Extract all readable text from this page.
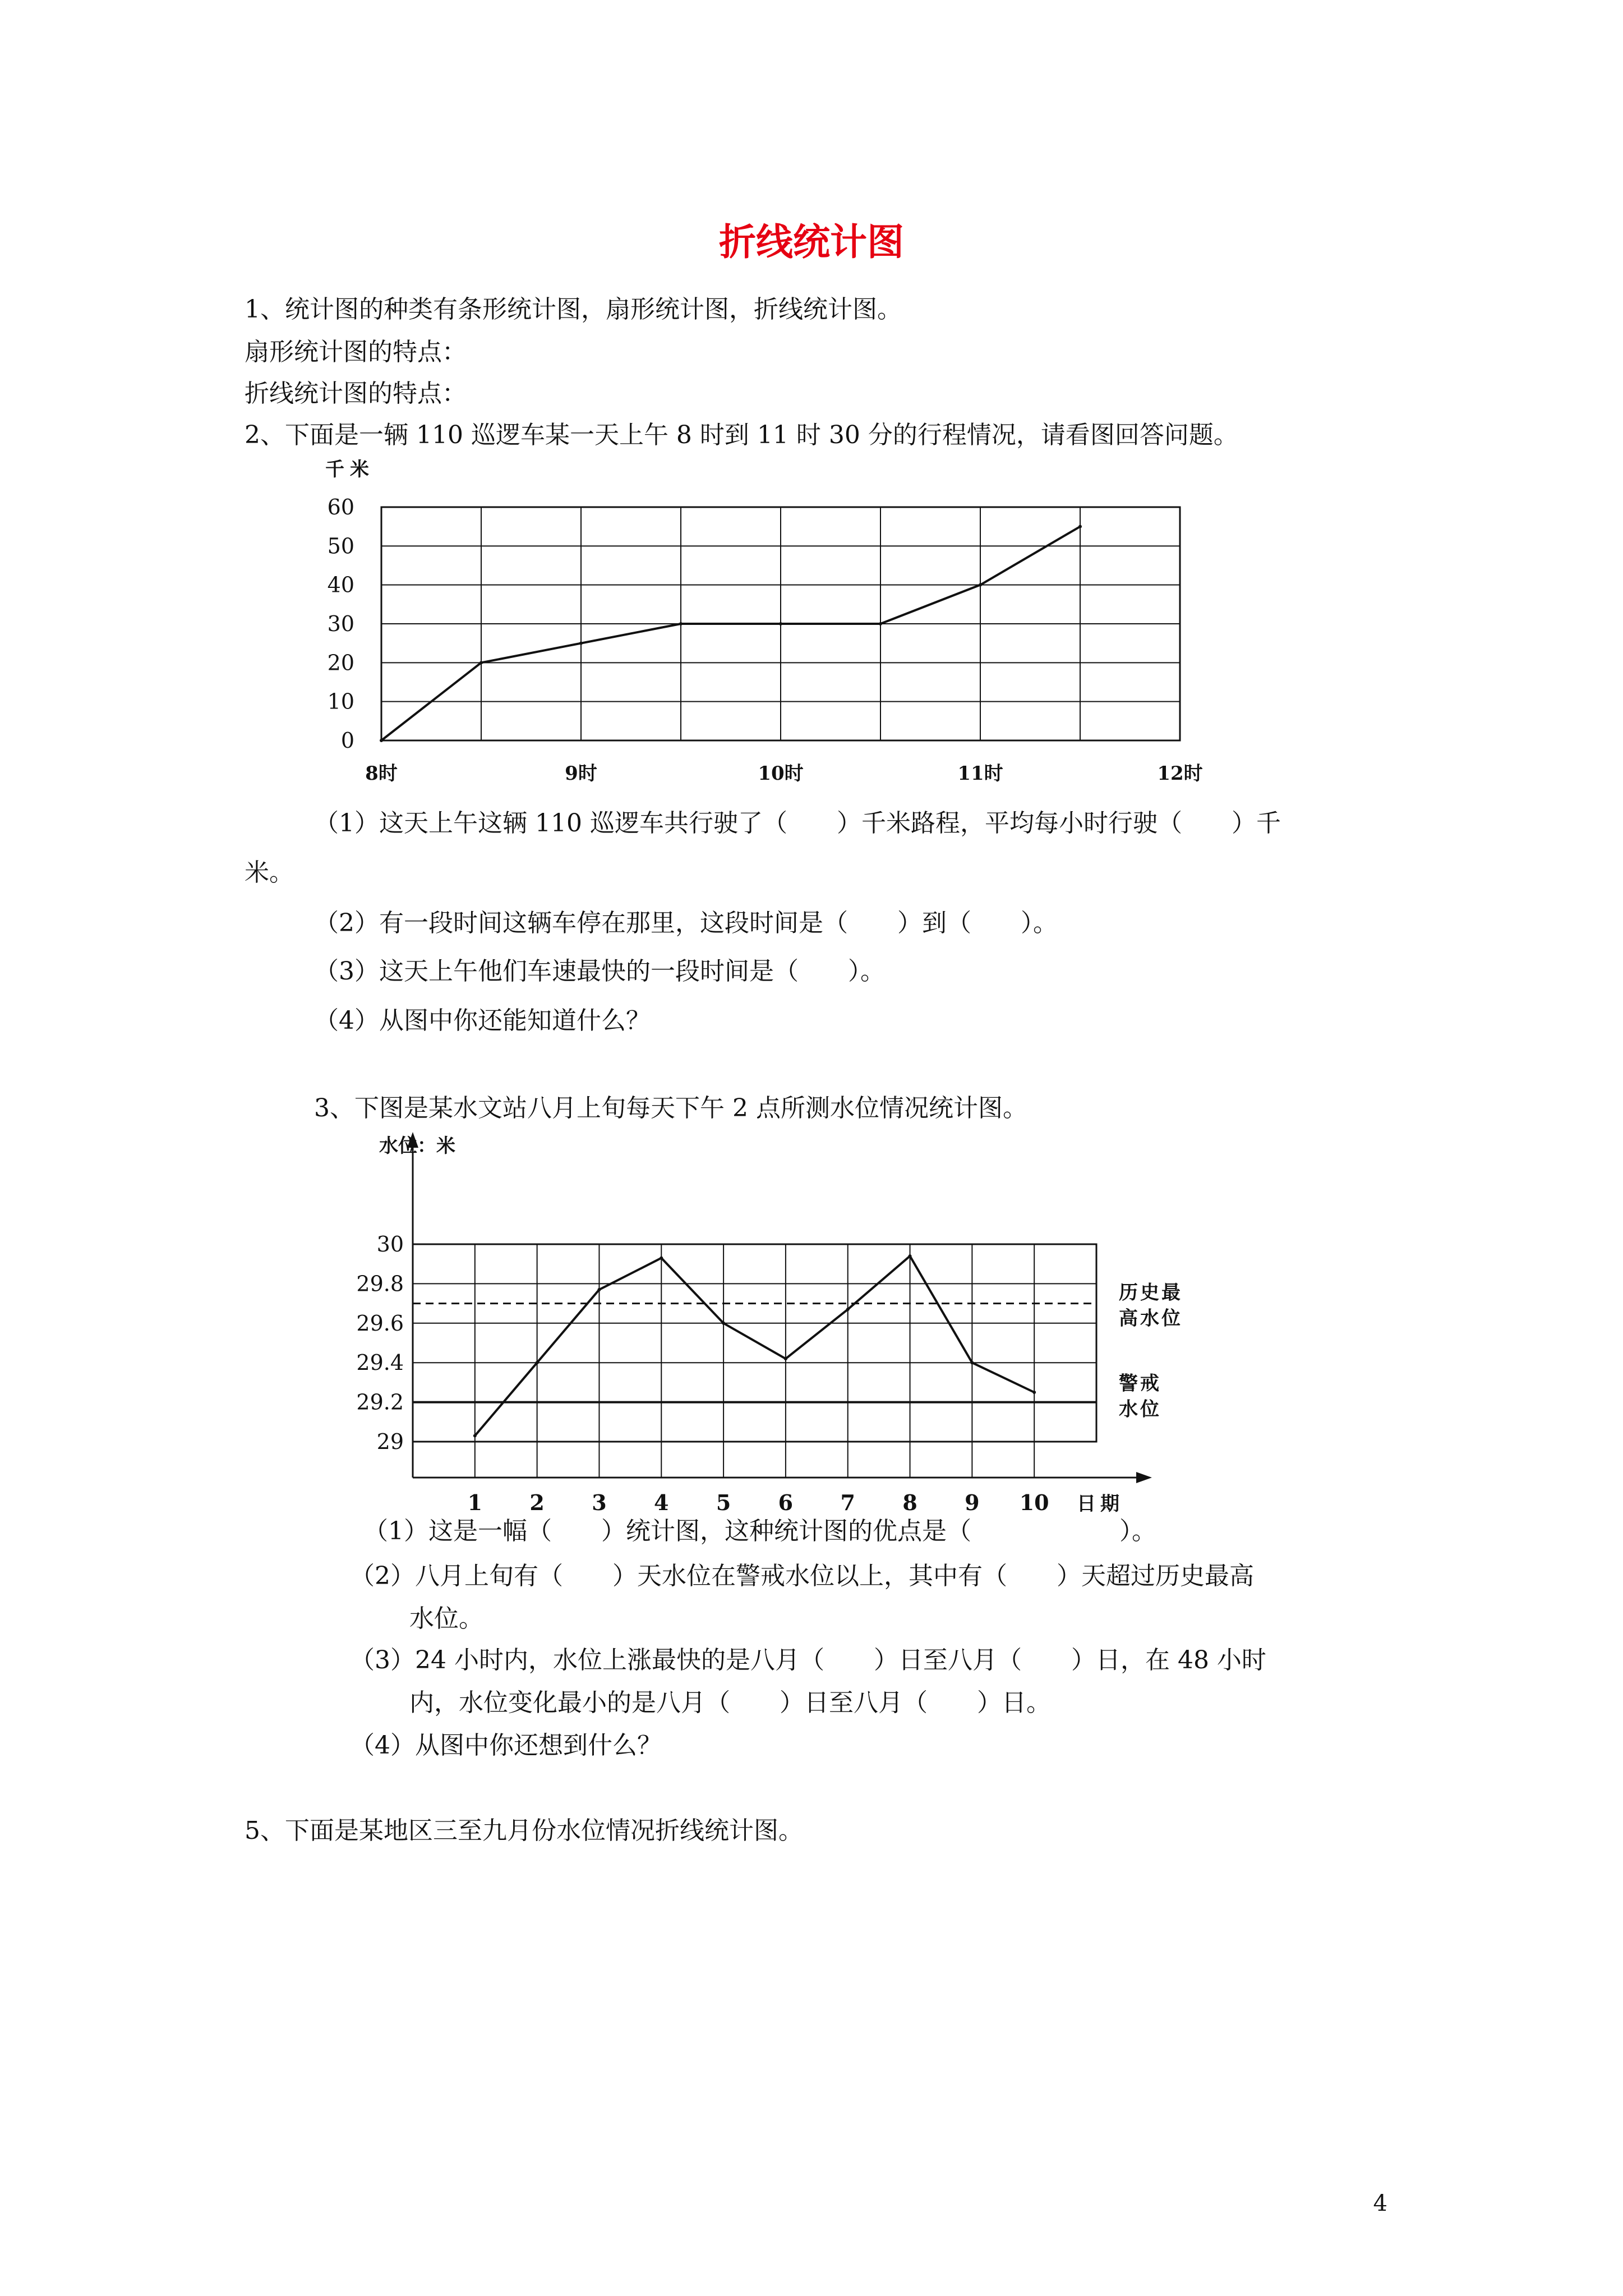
折线统计图
1、统计图的种类有条形统计图，扇形统计图，折线统计图。
扇形统计图的特点：
折线统计图的特点：
2、下面是一辆 110 巡逻车某一天上午 8 时到 11 时 30 分的行程情况，请看图回答问题。
0
10
20
30
40
50
60
8时	9时	10时	11时	12时
千米
（1）这天上午这辆 110 巡逻车共行驶了（　　）千米路程，平均每小时行驶（　　）千
米。
（2）有一段时间这辆车停在那里，这段时间是（　　）到（　　）。
（3）这天上午他们车速最快的一段时间是（　　）。
（4）从图中你还能知道什么？
3、下图是某水文站八月上旬每天下午 2 点所测水位情况统计图。
29
29.2
29.4
29.6
29.8
30
1 2 3 4 5 6 7 8 9 10 日期
水位：米
历史最
高水位
警戒
水位
（1）这是一幅（　　）统计图，这种统计图的优点是（　　　　　　）。
（2）八月上旬有（　　）天水位在警戒水位以上，其中有（　　）天超过历史最高
水位。
（3）24 小时内，水位上涨最快的是八月（　　）日至八月（　　）日，在 48 小时
内，水位变化最小的是八月（　　）日至八月（　　）日。
（4）从图中你还想到什么？
5、下面是某地区三至九月份水位情况折线统计图。
4
